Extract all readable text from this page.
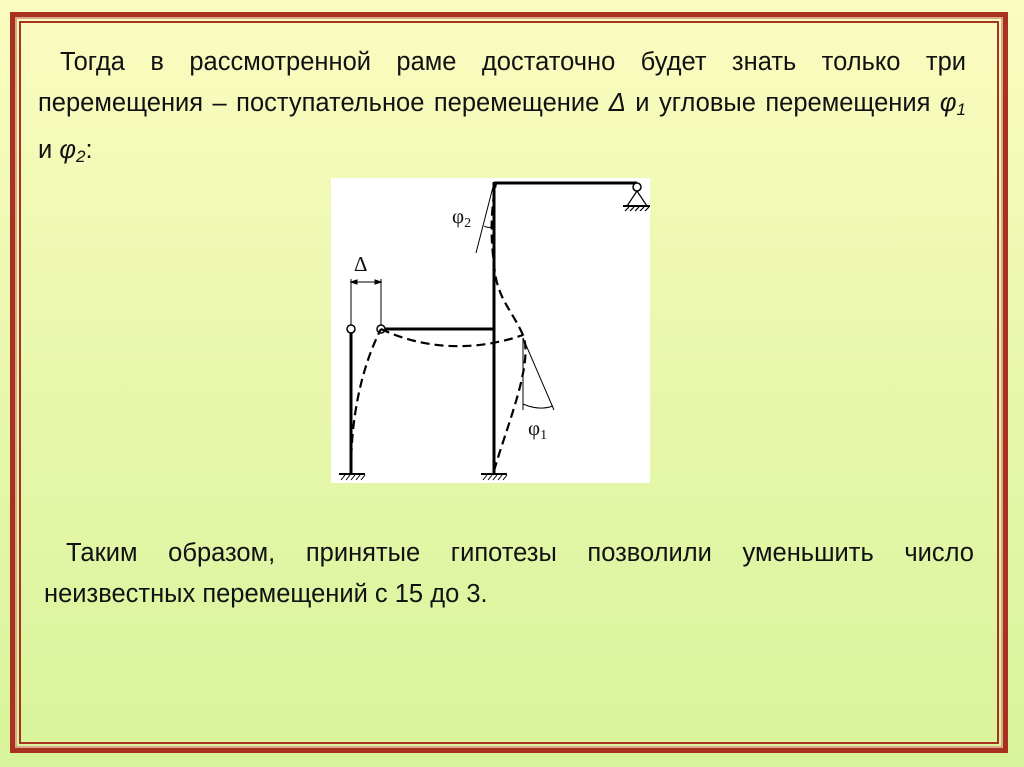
Тогда в рассмотренной раме достаточно будет знать только три перемещения – поступательное перемещение Δ и угловые перемещения $\varphi_1$ и $\varphi_2$:
Δ
$\varphi_2$
$\varphi_1$
Таким образом, принятые гипотезы позволили уменьшить число неизвестных перемещений с 15 до 3.
